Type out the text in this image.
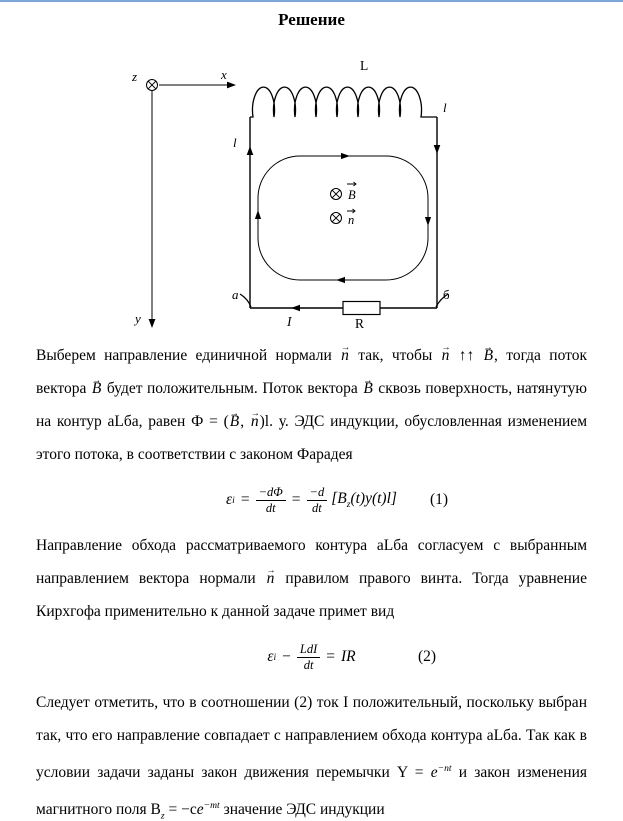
Решение
z	x
y
L
l
l
a	б
I	R
B
n

Выберем направление единичной нормали n → так, чтобы n → ↑↑ B →, тогда поток вектора B → будет положительным. Поток вектора B → сквозь поверхность, натянутую на контур аLба, равен Ф = (B →, n →)l. у. ЭДС индукции, обусловленная изменением этого потока, в соответствии с законом Фарадея

ε $i = \frac{-d\Phi}{dt} = \frac{-d}{dt} [B_z(t)y(t)l]$ (1)

Направление обхода рассматриваемого контура аLба согласуем с выбранным направлением вектора нормали n → правилом правого винта. Тогда уравнение Кирхгофа применительно к данной задаче примет вид

ε $i - \frac{\text{LdI}}{dt}$ = IR	(2)

Следует отметить, что в соотношении (2) ток I положительный, поскольку выбран так, что его направление совпадает с направлением обхода контура аLба. Так как в условии задачи заданы закон движения перемычки $Y = e^{-nt}$ и закон изменения магнитного поля $B_z = -ce^{-mt}$ значение ЭДС индукции
